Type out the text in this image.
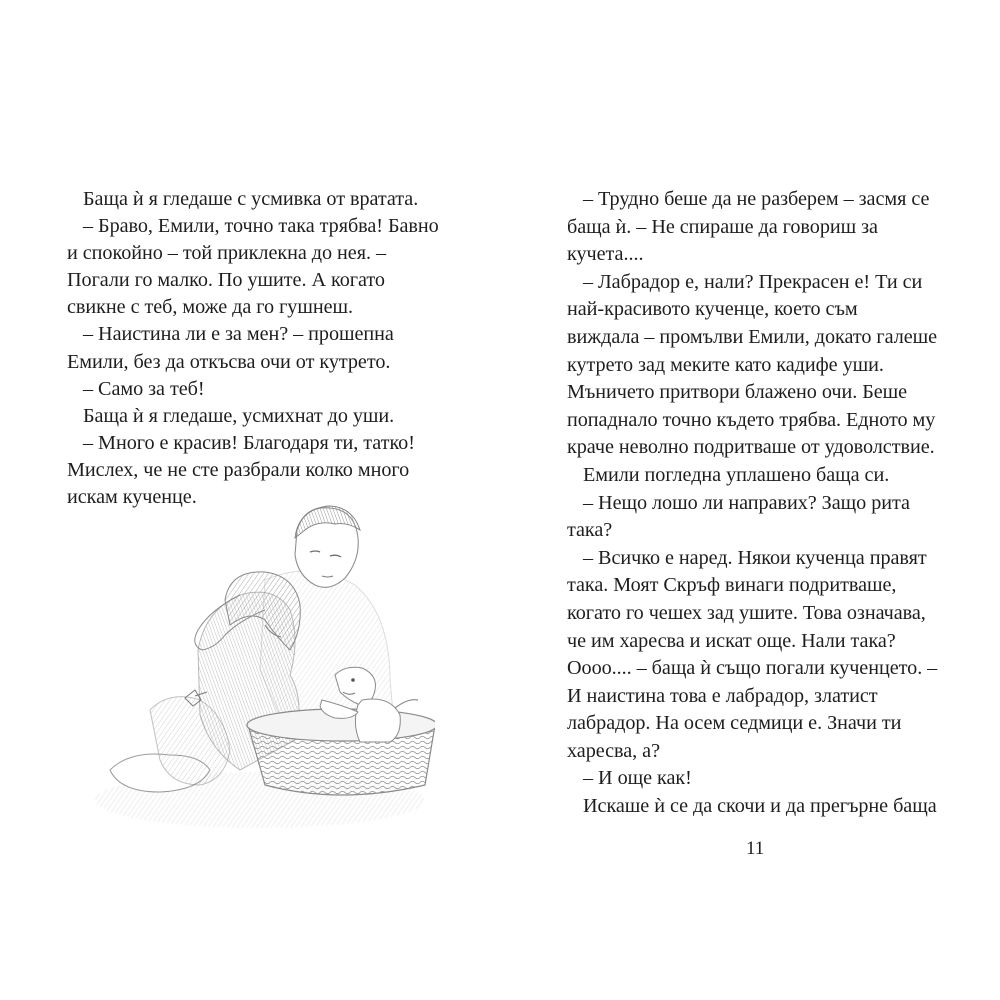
Баща ѝ я гледаше с усмивка от вратата.
– Браво, Емили, точно така трябва! Бавно
и спокойно – той приклекна до нея. –
Погали го малко. По ушите. А когато
свикне с теб, може да го гушнеш.
– Наистина ли е за мен? – прошепна
Емили, без да откъсва очи от кутрето.
– Само за теб!
Баща ѝ я гледаше, усмихнат до уши.
– Много е красив! Благодаря ти, татко!
Мислех, че не сте разбрали колко много
искам кученце.
– Трудно беше да не разберем – засмя се
баща ѝ. – Не спираше да говориш за
кучета....
– Лабрадор е, нали? Прекрасен е! Ти си
най-красивото кученце, което съм
виждала – промълви Емили, докато галеше
кутрето зад меките като кадифе уши.
Мъничето притвори блажено очи. Беше
попаднало точно където трябва. Едното му
краче неволно подритваше от удоволствие.
Емили погледна уплашено баща си.
– Нещо лошо ли направих? Защо рита
така?
– Всичко е наред. Някои кученца правят
така. Моят Скръф винаги подритваше,
когато го чешех зад ушите. Това означава,
че им харесва и искат още. Нали така?
Оооо.... – баща ѝ също погали кученцето. –
И наистина това е лабрадор, златист
лабрадор. На осем седмици е. Значи ти
харесва, а?
– И още как!
Искаше ѝ се да скочи и да прегърне баща
11
